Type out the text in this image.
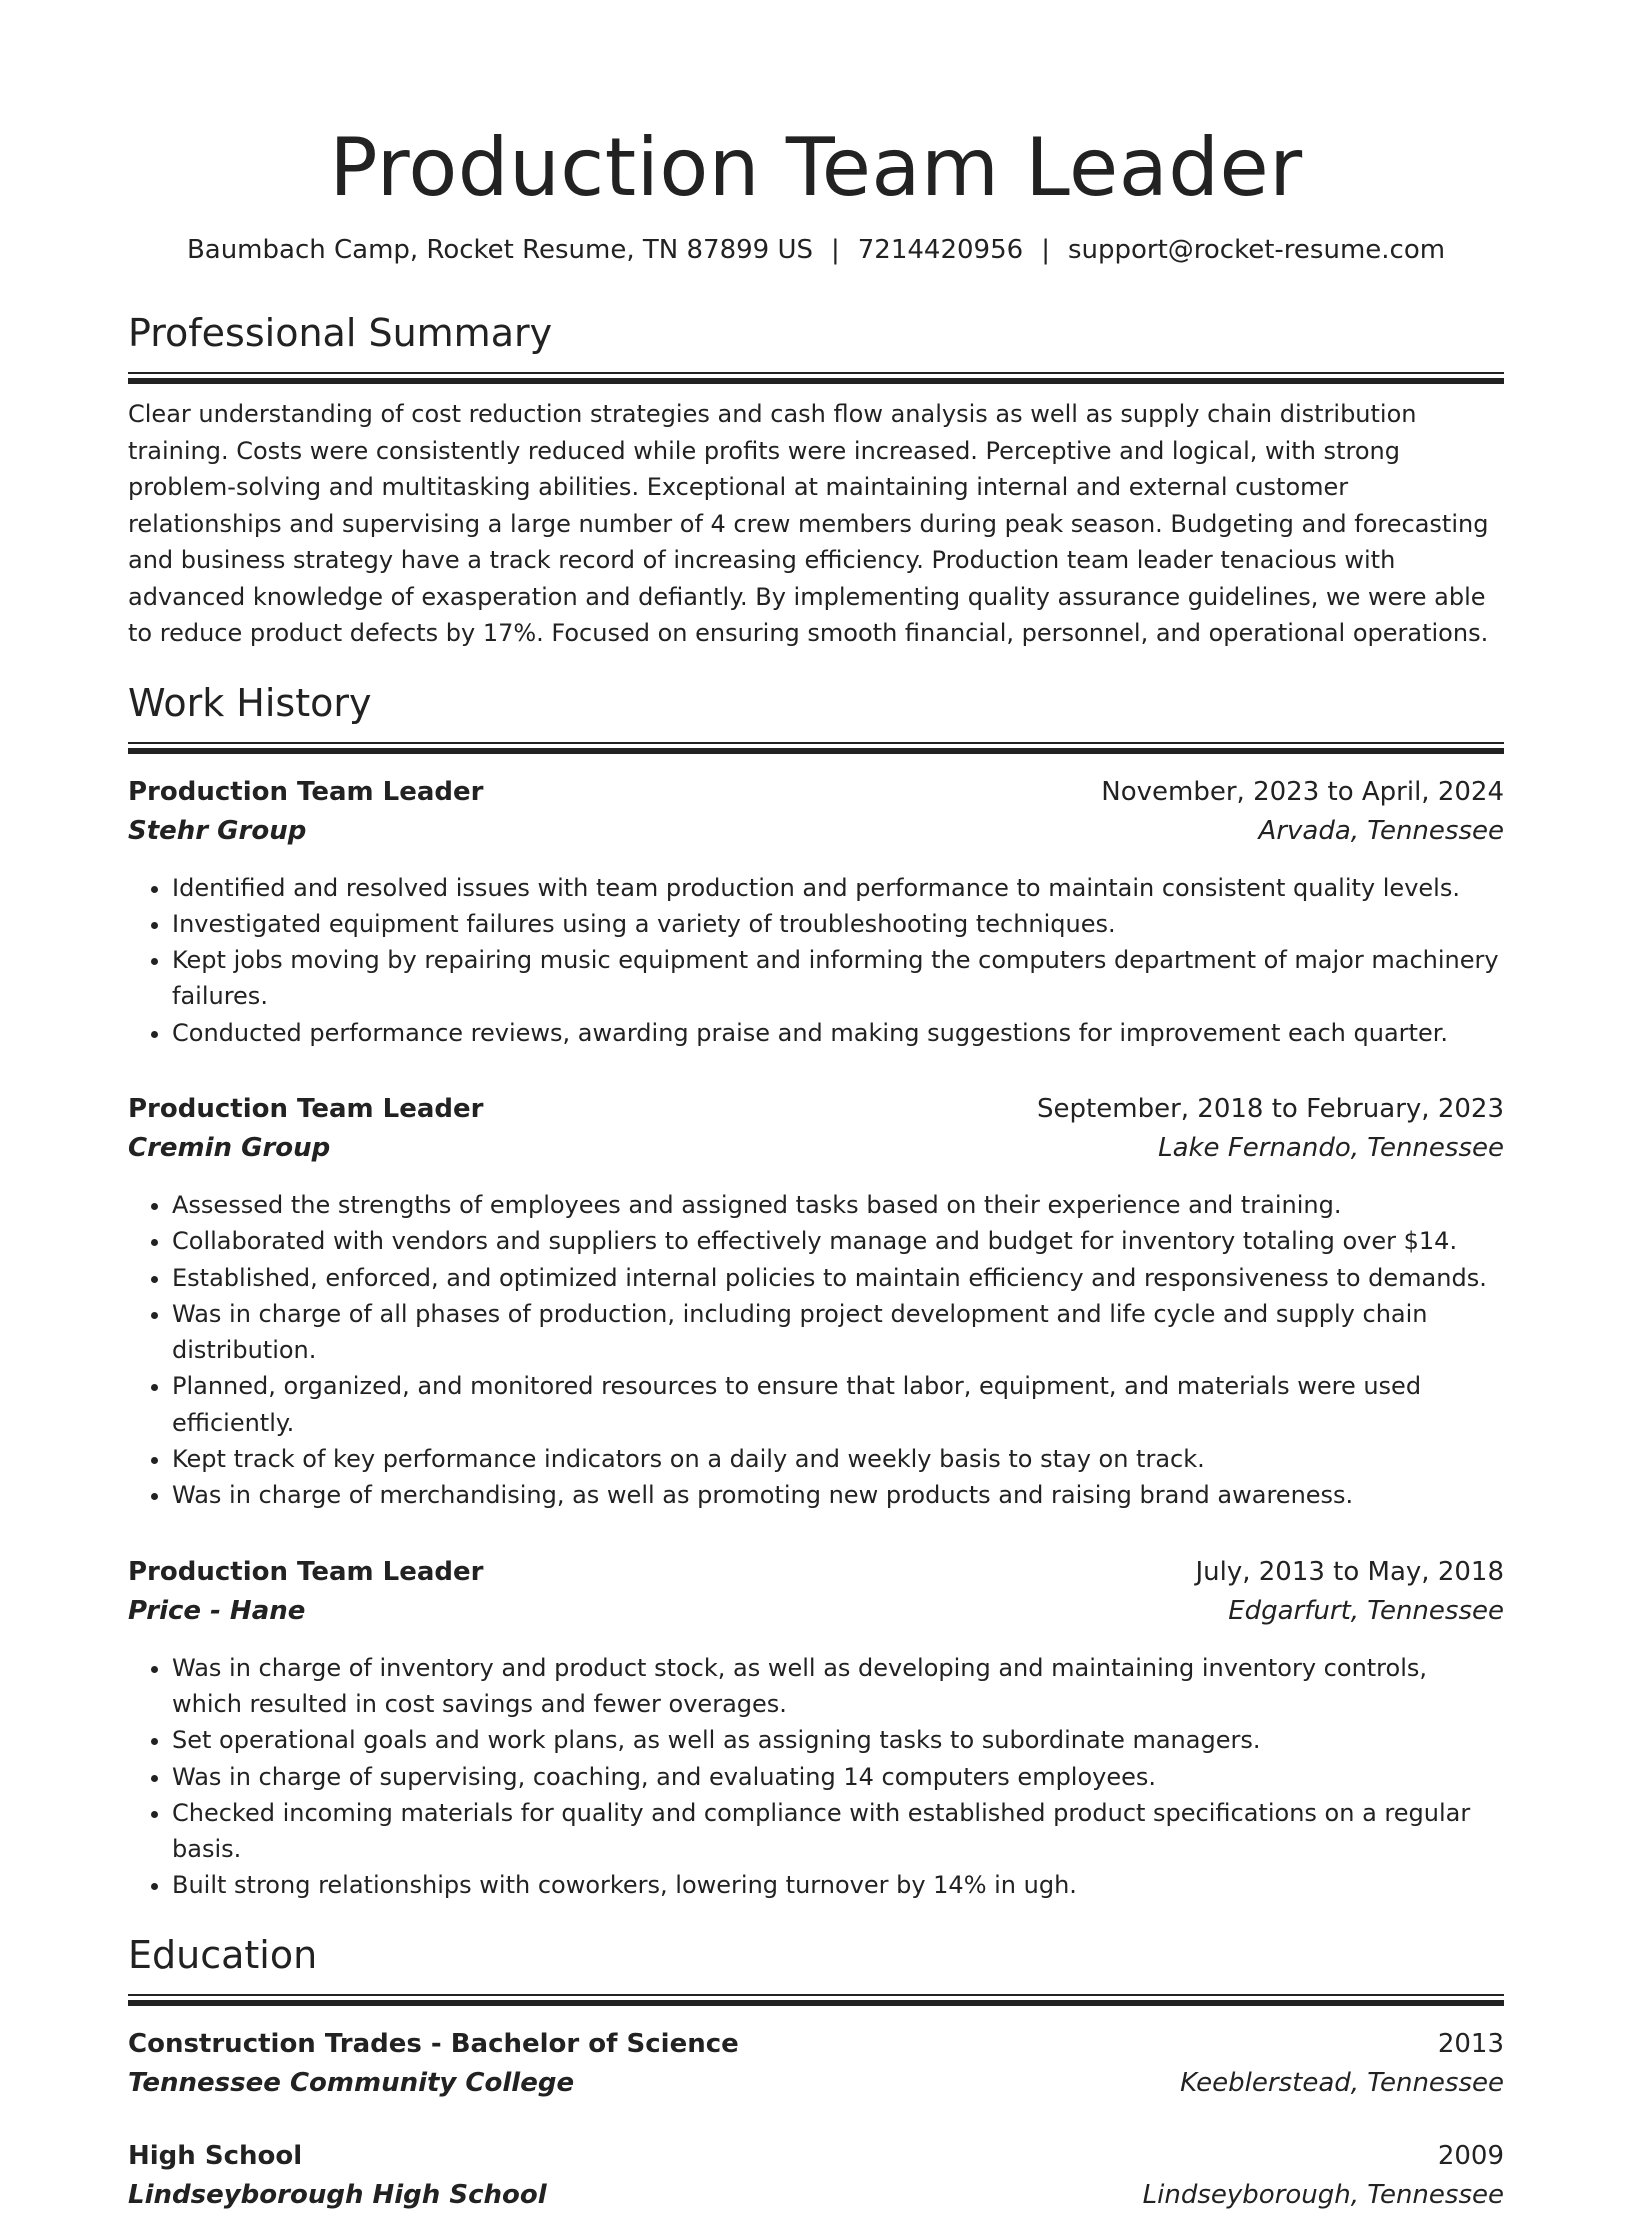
Production Team Leader
Baumbach Camp, Rocket Resume, TN 87899 US | 7214420956 | support@rocket-resume.com
Professional Summary

Clear understanding of cost reduction strategies and cash flow analysis as well as supply chain distribution training. Costs were consistently reduced while profits were increased. Perceptive and logical, with strong problem-solving and multitasking abilities. Exceptional at maintaining internal and external customer relationships and supervising a large number of 4 crew members during peak season. Budgeting and forecasting and business strategy have a track record of increasing efficiency. Production team leader tenacious with advanced knowledge of exasperation and defiantly. By implementing quality assurance guidelines, we were able to reduce product defects by 17%. Focused on ensuring smooth financial, personnel, and operational operations.

Work History
Production Team Leader	November, 2023 to April, 2024
Stehr Group	Arvada, Tennessee
• Identified and resolved issues with team production and performance to maintain consistent quality levels.
• Investigated equipment failures using a variety of troubleshooting techniques.
• Kept jobs moving by repairing music equipment and informing the computers department of major machinery failures.
• Conducted performance reviews, awarding praise and making suggestions for improvement each quarter.
Production Team Leader	September, 2018 to February, 2023
Cremin Group	Lake Fernando, Tennessee
• Assessed the strengths of employees and assigned tasks based on their experience and training.
• Collaborated with vendors and suppliers to effectively manage and budget for inventory totaling over $14.
• Established, enforced, and optimized internal policies to maintain efficiency and responsiveness to demands.
• Was in charge of all phases of production, including project development and life cycle and supply chain distribution.
• Planned, organized, and monitored resources to ensure that labor, equipment, and materials were used efficiently.
• Kept track of key performance indicators on a daily and weekly basis to stay on track.
• Was in charge of merchandising, as well as promoting new products and raising brand awareness.
Production Team Leader	July, 2013 to May, 2018
Price - Hane	Edgarfurt, Tennessee
• Was in charge of inventory and product stock, as well as developing and maintaining inventory controls, which resulted in cost savings and fewer overages.
• Set operational goals and work plans, as well as assigning tasks to subordinate managers.
• Was in charge of supervising, coaching, and evaluating 14 computers employees.
• Checked incoming materials for quality and compliance with established product specifications on a regular basis.
• Built strong relationships with coworkers, lowering turnover by 14% in ugh.
Education
Construction Trades - Bachelor of Science	2013
Tennessee Community College	Keeblerstead, Tennessee
High School	2009
Lindseyborough High School	Lindseyborough, Tennessee
